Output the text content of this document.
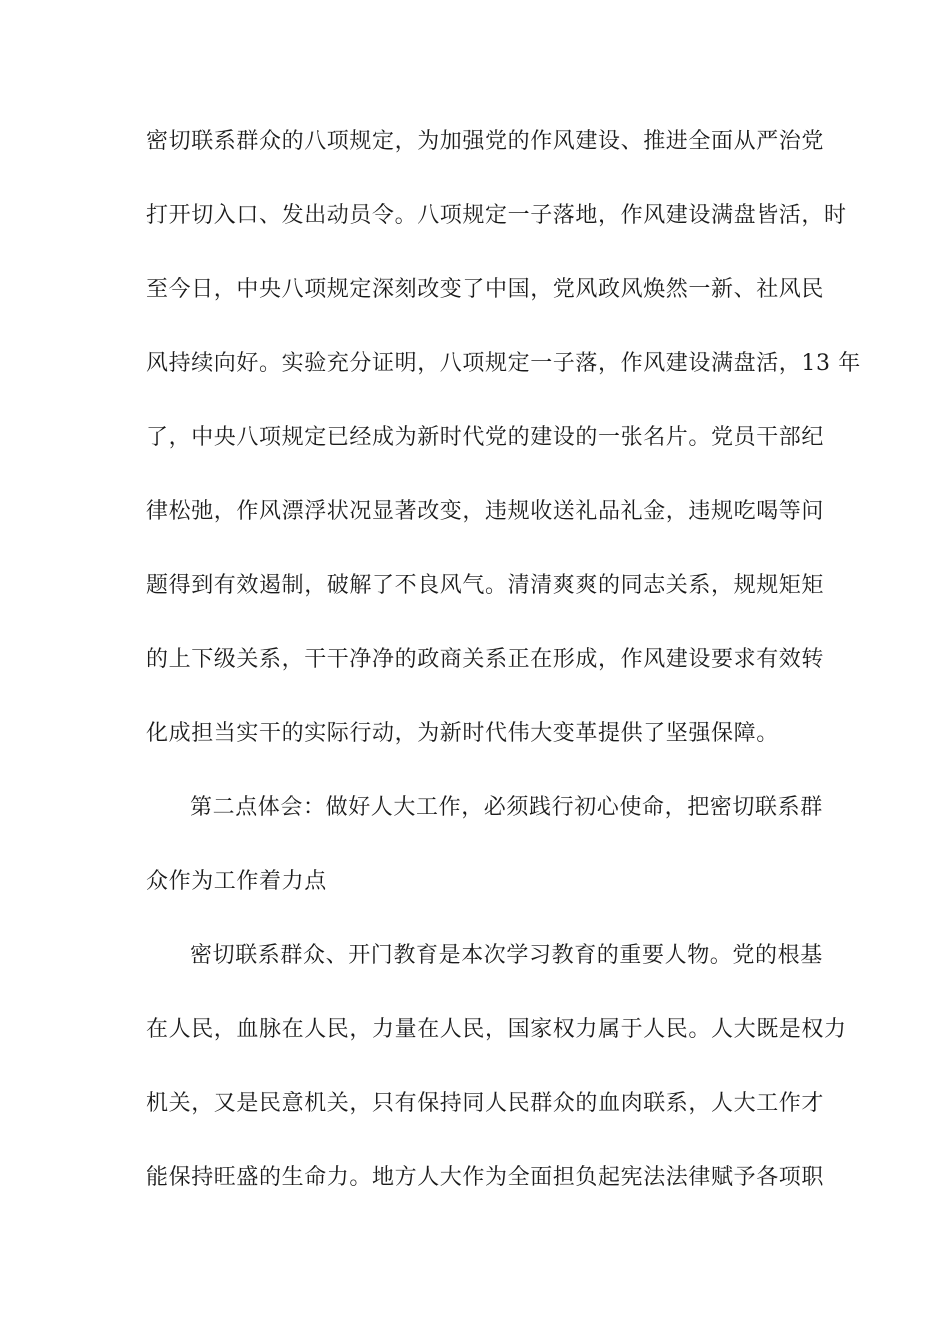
密切联系群众的八项规定，为加强党的作风建设、推进全面从严治党
打开切入口、发出动员令。八项规定一子落地，作风建设满盘皆活，时
至今日，中央八项规定深刻改变了中国，党风政风焕然一新、社风民
风持续向好。实验充分证明，八项规定一子落，作风建设满盘活，13 年
了，中央八项规定已经成为新时代党的建设的一张名片。党员干部纪
律松弛，作风漂浮状况显著改变，违规收送礼品礼金，违规吃喝等问
题得到有效遏制，破解了不良风气。清清爽爽的同志关系，规规矩矩
的上下级关系，干干净净的政商关系正在形成，作风建设要求有效转
化成担当实干的实际行动，为新时代伟大变革提供了坚强保障。
第二点体会：做好人大工作，必须践行初心使命，把密切联系群
众作为工作着力点
密切联系群众、开门教育是本次学习教育的重要人物。党的根基
在人民，血脉在人民，力量在人民，国家权力属于人民。人大既是权力
机关，又是民意机关，只有保持同人民群众的血肉联系，人大工作才
能保持旺盛的生命力。地方人大作为全面担负起宪法法律赋予各项职
